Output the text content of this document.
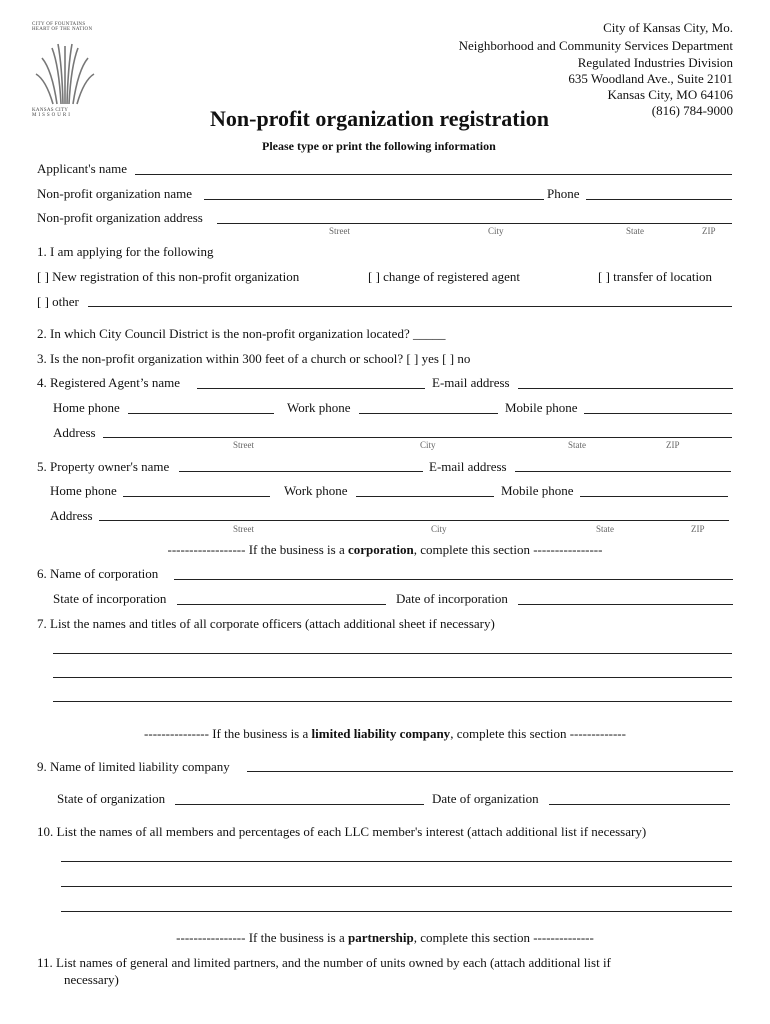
CITY OF FOUNTAINS
HEART OF THE NATION
KANSAS CITY
MISSOURI
City of Kansas City, Mo.
Neighborhood and Community Services Department
Regulated Industries Division
635 Woodland Ave., Suite 2101
Kansas City, MO 64106
(816) 784-9000
Non-profit organization registration
Please type or print the following information
Applicant's name
Non-profit organization name	Phone
Non-profit organization address
Street	City	State	ZIP
1. I am applying for the following
[ ] New registration of this non-profit organization	[ ] change of registered agent	[ ] transfer of location
[ ] other
2. In which City Council District is the non-profit organization located? _____
3. Is the non-profit organization within 300 feet of a church or school? [ ] yes [ ] no
4. Registered Agent’s name	E-mail address
Home phone	Work phone	Mobile phone
Address
Street	City	State	ZIP
5. Property owner's name	E-mail address
Home phone	Work phone	Mobile phone
Address
Street	City	State	ZIP
------------------ If the business is a corporation, complete this section ----------------
6. Name of corporation
State of incorporation	Date of incorporation
7. List the names and titles of all corporate officers (attach additional sheet if necessary)
--------------- If the business is a limited liability company, complete this section -------------
9. Name of limited liability company
State of organization	Date of organization
10. List the names of all members and percentages of each LLC member's interest (attach additional list if necessary)
---------------- If the business is a partnership, complete this section --------------
11. List names of general and limited partners, and the number of units owned by each (attach additional list if
necessary)
